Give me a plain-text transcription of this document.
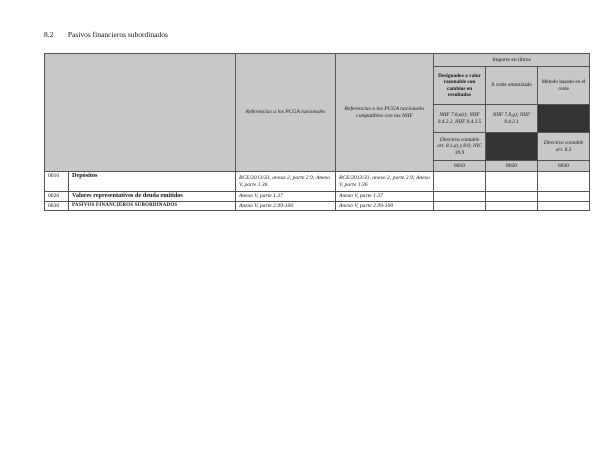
8.2 Pasivos financieros subordinados
		Referencias a los PCGA nacionales	Referencias a los PCGA nacionales compatibles con las NIIF	Importe en libros		
				Designados a valor razonable con cambios en resultados	A coste amortizado	Método basado en el coste
				NIIF 7.8,e(i); NIIF 9.4.2.2, NIIF 9.4.3.5	NIIF 7.8,g); NIIF 9.4.2.1	
				Directiva contable art. 8.1,a) y 8.6; NIC 39.9		Directiva contable art. 8.3
				0010	0020	0030
0010	Depósitos	BCE/2013/33, anexo 2, parte 2.9; Anexo V, parte 1.36	BCE/2013/33, anexo 2, parte 2.9; Anexo V, parte 1.36			
0020	Valores representativos de deuda emitidos	Anexo V, parte 1.37	Anexo V, parte 1.37			
0030	PASIVOS FINANCIEROS SUBORDINADOS	Anexo V, parte 2.99-100	Anexo V, parte 2.99-100			
